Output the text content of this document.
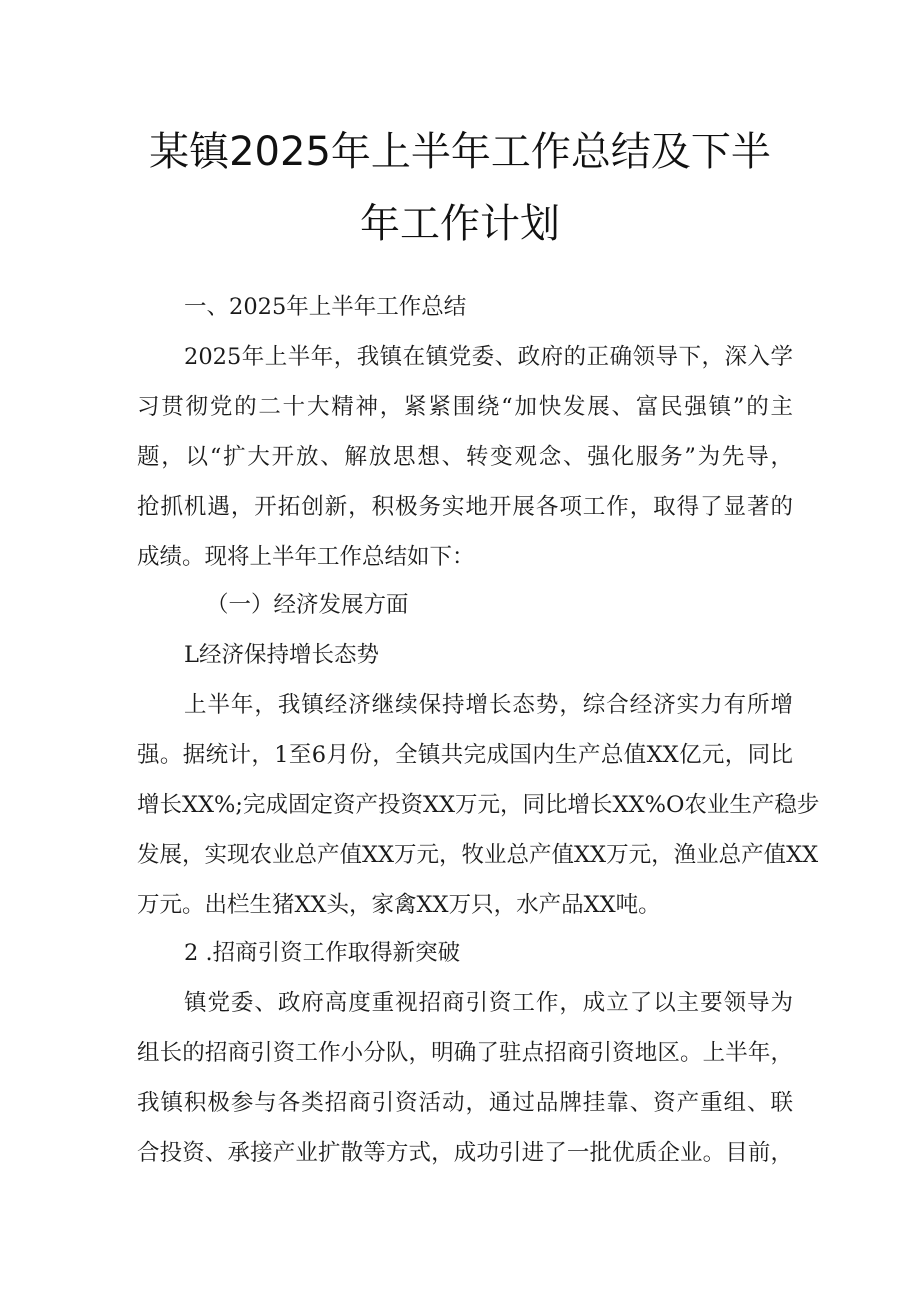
某镇2025年上半年工作总结及下半
年工作计划
一、2025年上半年工作总结
2025年上半年，我镇在镇党委、政府的正确领导下，深入学
习贯彻党的二十大精神，紧紧围绕“加快发展、富民强镇”的主
题，以“扩大开放、解放思想、转变观念、强化服务”为先导，
抢抓机遇，开拓创新，积极务实地开展各项工作，取得了显著的
成绩。现将上半年工作总结如下：
（一）经济发展方面
L经济保持增长态势
上半年，我镇经济继续保持增长态势，综合经济实力有所增
强。据统计，1至6月份，全镇共完成国内生产总值XX亿元，同比
增长XX%;完成固定资产投资XX万元，同比增长XX%O农业生产稳步
发展，实现农业总产值XX万元，牧业总产值XX万元，渔业总产值XX
万元。出栏生猪XX头，家禽XX万只，水产品XX吨。
2 .招商引资工作取得新突破
镇党委、政府高度重视招商引资工作，成立了以主要领导为
组长的招商引资工作小分队，明确了驻点招商引资地区。上半年，
我镇积极参与各类招商引资活动，通过品牌挂靠、资产重组、联
合投资、承接产业扩散等方式，成功引进了一批优质企业。目前，
